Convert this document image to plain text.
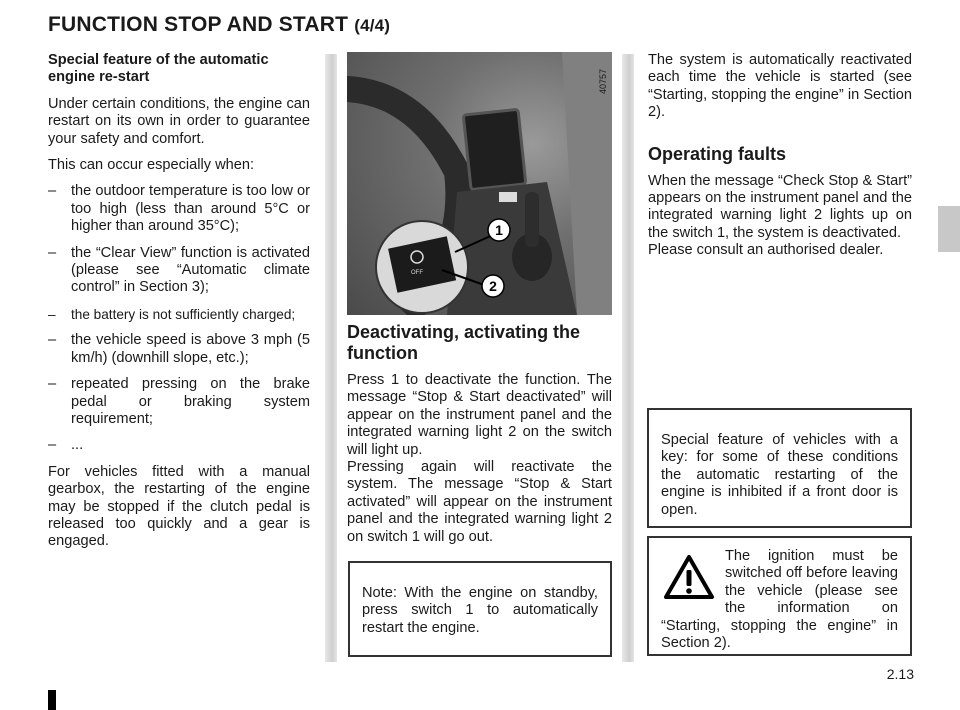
FUNCTION STOP AND START (4/4)

Special feature of the automatic engine re-start

Under certain conditions, the engine can restart on its own in order to guarantee your safety and comfort.

This can occur especially when:

– the outdoor temperature is too low or too high (less than around 5°C or higher than around 35°C);
– the “Clear View” function is activated (please see “Automatic climate control” in Section 3);
– the battery is not sufficiently charged;
– the vehicle speed is above 3 mph (5 km/h) (downhill slope, etc.);
– repeated pressing on the brake pedal or braking system requirement;
– ...

For vehicles fitted with a manual gearbox, the restarting of the engine may be stopped if the clutch pedal is released too quickly and a gear is engaged.

1
2
OFF
40757
Deactivating, activating the function

Press 1 to deactivate the function. The message “Stop & Start deactivated” will appear on the instrument panel and the integrated warning light 2 on the switch will light up.

Pressing again will reactivate the system. The message “Stop & Start activated” will appear on the instrument panel and the integrated warning light 2 on switch 1 will go out.

Note: With the engine on standby, press switch 1 to automatically restart the engine.

The system is automatically reactivated each time the vehicle is started (see “Starting, stopping the engine” in Section 2).

Operating faults

When the message “Check Stop & Start” appears on the instrument panel and the integrated warning light 2 lights up on the switch 1, the system is deactivated.

Please consult an authorised dealer.

Special feature of vehicles with a key: for some of these conditions the automatic restarting of the engine is inhibited if a front door is open.

The ignition must be switched off before leaving the vehicle (please see the information on “Starting, stopping the engine” in Section 2).

2.13
